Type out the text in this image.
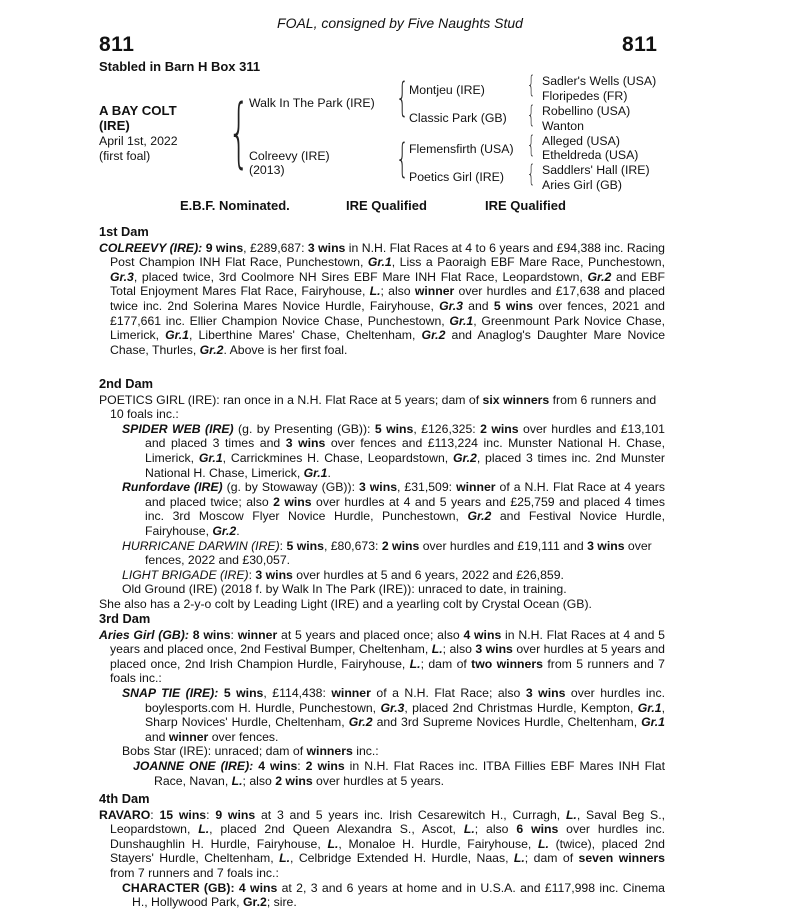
FOAL, consigned by Five Naughts Stud
811	811
Stabled in Barn H Box 311
A BAY COLT
(IRE)
April 1st, 2022
(first foal) {	{
{
{
{
{
{
Walk In The Park (IRE)
Colreevy (IRE)
(2013)
Montjeu (IRE)
Classic Park (GB)
Flemensfirth (USA)
Poetics Girl (IRE)
Sadler's Wells (USA)
Floripedes (FR)
Robellino (USA)
Wanton
Alleged (USA)
Etheldreda (USA)
Saddlers' Hall (IRE)
Aries Girl (GB)
E.B.F. Nominated.	IRE Qualified	IRE Qualified

1st Dam

COLREEVY (IRE): 9 wins, £289,687: 3 wins in N.H. Flat Races at 4 to 6 years and £94,388 inc. Racing Post Champion INH Flat Race, Punchestown, Gr.1, Liss a Paoraigh EBF Mare Race, Punchestown, Gr.3, placed twice, 3rd Coolmore NH Sires EBF Mare INH Flat Race, Leopardstown, Gr.2 and EBF Total Enjoyment Mares Flat Race, Fairyhouse, L.; also winner over hurdles and £17,638 and placed twice inc. 2nd Solerina Mares Novice Hurdle, Fairyhouse, Gr.3 and 5 wins over fences, 2021 and £177,661 inc. Ellier Champion Novice Chase, Punchestown, Gr.1, Greenmount Park Novice Chase, Limerick, Gr.1, Liberthine Mares' Chase, Cheltenham, Gr.2 and Anaglog's Daughter Mare Novice Chase, Thurles, Gr.2. Above is her first foal.

2nd Dam

POETICS GIRL (IRE): ran once in a N.H. Flat Race at 5 years; dam of six winners from 6 runners and 10 foals inc.:

SPIDER WEB (IRE) (g. by Presenting (GB)): 5 wins, £126,325: 2 wins over hurdles and £13,101 and placed 3 times and 3 wins over fences and £113,224 inc. Munster National H. Chase, Limerick, Gr.1, Carrickmines H. Chase, Leopardstown, Gr.2, placed 3 times inc. 2nd Munster National H. Chase, Limerick, Gr.1.

Runfordave (IRE) (g. by Stowaway (GB)): 3 wins, £31,509: winner of a N.H. Flat Race at 4 years and placed twice; also 2 wins over hurdles at 4 and 5 years and £25,759 and placed 4 times inc. 3rd Moscow Flyer Novice Hurdle, Punchestown, Gr.2 and Festival Novice Hurdle, Fairyhouse, Gr.2.

HURRICANE DARWIN (IRE): 5 wins, £80,673: 2 wins over hurdles and £19,111 and 3 wins over fences, 2022 and £30,057.

LIGHT BRIGADE (IRE): 3 wins over hurdles at 5 and 6 years, 2022 and £26,859.

Old Ground (IRE) (2018 f. by Walk In The Park (IRE)): unraced to date, in training.

She also has a 2-y-o colt by Leading Light (IRE) and a yearling colt by Crystal Ocean (GB).

3rd Dam

Aries Girl (GB): 8 wins: winner at 5 years and placed once; also 4 wins in N.H. Flat Races at 4 and 5 years and placed once, 2nd Festival Bumper, Cheltenham, L.; also 3 wins over hurdles at 5 years and placed once, 2nd Irish Champion Hurdle, Fairyhouse, L.; dam of two winners from 5 runners and 7 foals inc.:

SNAP TIE (IRE): 5 wins, £114,438: winner of a N.H. Flat Race; also 3 wins over hurdles inc. boylesports.com H. Hurdle, Punchestown, Gr.3, placed 2nd Christmas Hurdle, Kempton, Gr.1, Sharp Novices' Hurdle, Cheltenham, Gr.2 and 3rd Supreme Novices Hurdle, Cheltenham, Gr.1 and winner over fences.

Bobs Star (IRE): unraced; dam of winners inc.:

JOANNE ONE (IRE): 4 wins: 2 wins in N.H. Flat Races inc. ITBA Fillies EBF Mares INH Flat Race, Navan, L.; also 2 wins over hurdles at 5 years.

4th Dam

RAVARO: 15 wins: 9 wins at 3 and 5 years inc. Irish Cesarewitch H., Curragh, L., Saval Beg S., Leopardstown, L., placed 2nd Queen Alexandra S., Ascot, L.; also 6 wins over hurdles inc. Dunshaughlin H. Hurdle, Fairyhouse, L., Monaloe H. Hurdle, Fairyhouse, L. (twice), placed 2nd Stayers' Hurdle, Cheltenham, L., Celbridge Extended H. Hurdle, Naas, L.; dam of seven winners from 7 runners and 7 foals inc.:

CHARACTER (GB): 4 wins at 2, 3 and 6 years at home and in U.S.A. and £117,998 inc. Cinema H., Hollywood Park, Gr.2; sire.
